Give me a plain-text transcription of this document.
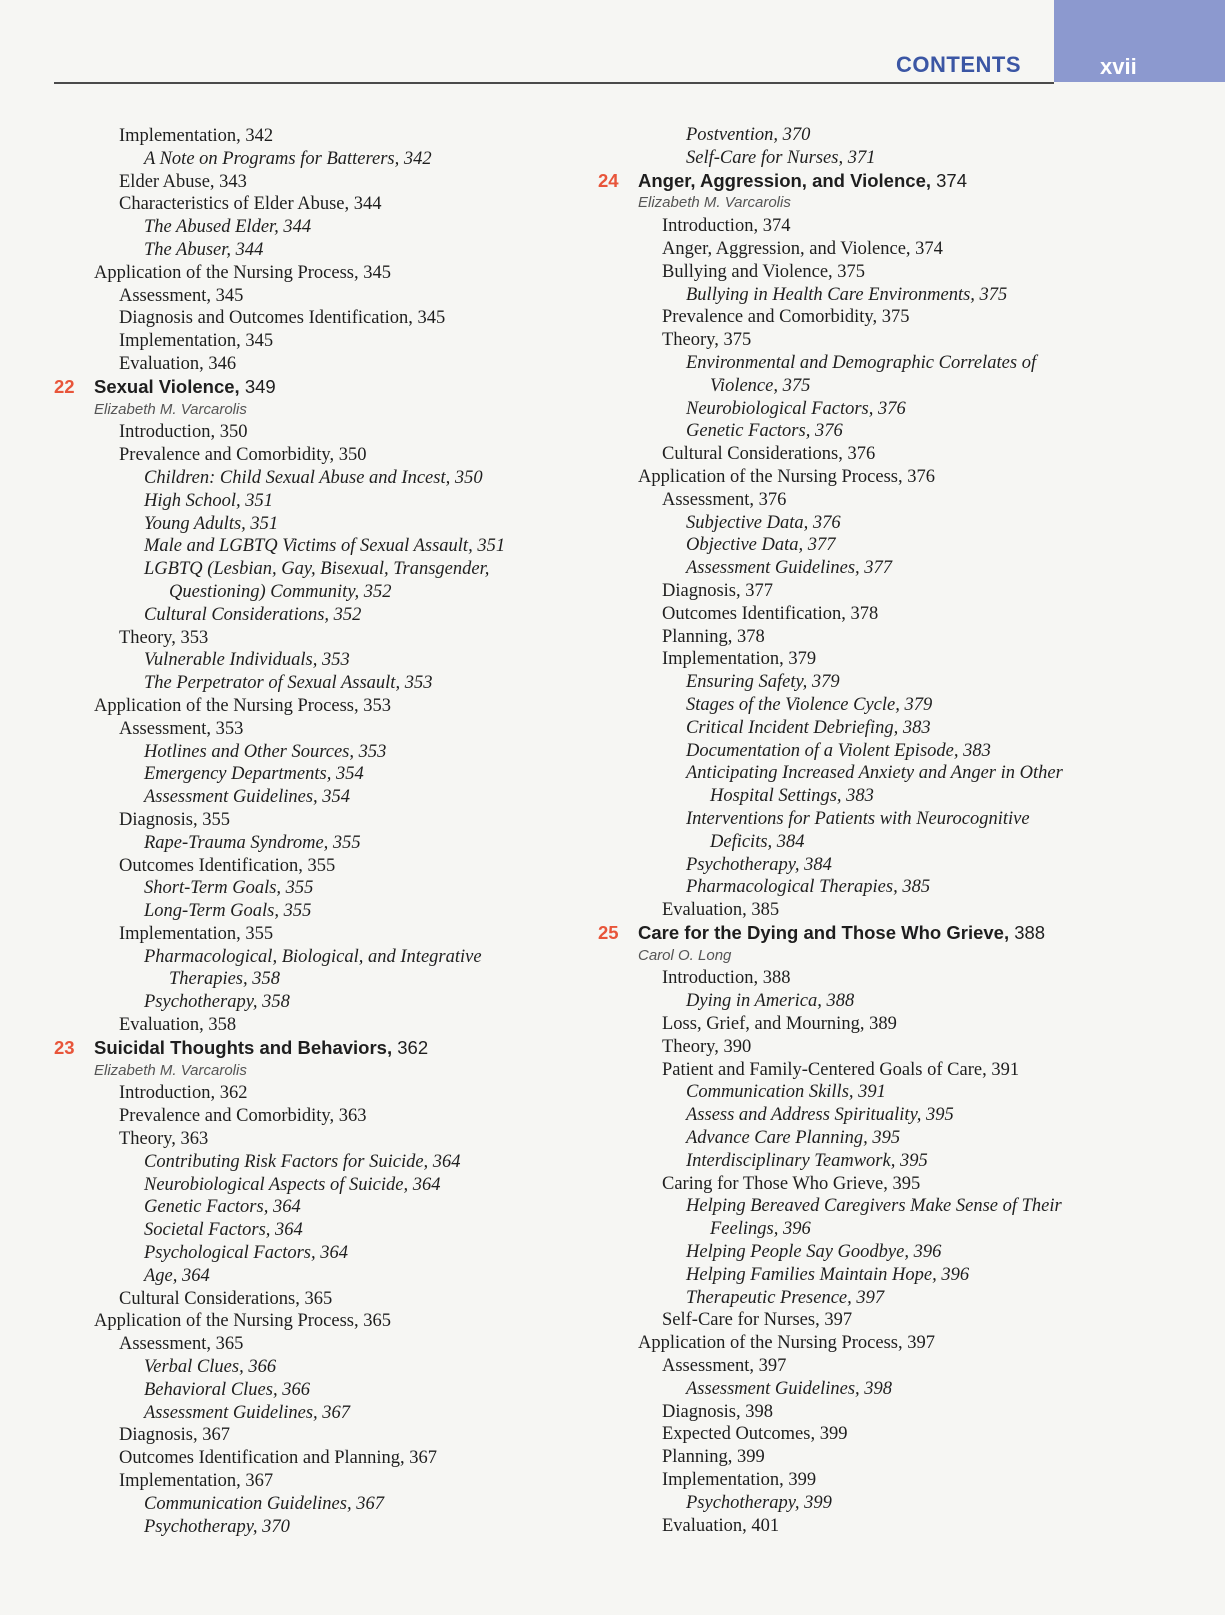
CONTENTS	xvii
Implementation, 342
A Note on Programs for Batterers, 342
Elder Abuse, 343
Characteristics of Elder Abuse, 344
The Abused Elder, 344
The Abuser, 344
Application of the Nursing Process, 345
Assessment, 345
Diagnosis and Outcomes Identification, 345
Implementation, 345
Evaluation, 346
22 Sexual Violence, 349
Elizabeth M. Varcarolis
Introduction, 350
Prevalence and Comorbidity, 350
Children: Child Sexual Abuse and Incest, 350
High School, 351
Young Adults, 351
Male and LGBTQ Victims of Sexual Assault, 351
LGBTQ (Lesbian, Gay, Bisexual, Transgender,
Questioning) Community, 352
Cultural Considerations, 352
Theory, 353
Vulnerable Individuals, 353
The Perpetrator of Sexual Assault, 353
Application of the Nursing Process, 353
Assessment, 353
Hotlines and Other Sources, 353
Emergency Departments, 354
Assessment Guidelines, 354
Diagnosis, 355
Rape-Trauma Syndrome, 355
Outcomes Identification, 355
Short-Term Goals, 355
Long-Term Goals, 355
Implementation, 355
Pharmacological, Biological, and Integrative
Therapies, 358
Psychotherapy, 358
Evaluation, 358
23 Suicidal Thoughts and Behaviors, 362
Elizabeth M. Varcarolis
Introduction, 362
Prevalence and Comorbidity, 363
Theory, 363
Contributing Risk Factors for Suicide, 364
Neurobiological Aspects of Suicide, 364
Genetic Factors, 364
Societal Factors, 364
Psychological Factors, 364
Age, 364
Cultural Considerations, 365
Application of the Nursing Process, 365
Assessment, 365
Verbal Clues, 366
Behavioral Clues, 366
Assessment Guidelines, 367
Diagnosis, 367
Outcomes Identification and Planning, 367
Implementation, 367
Communication Guidelines, 367
Psychotherapy, 370
Postvention, 370
Self-Care for Nurses, 371
24 Anger, Aggression, and Violence, 374
Elizabeth M. Varcarolis
Introduction, 374
Anger, Aggression, and Violence, 374
Bullying and Violence, 375
Bullying in Health Care Environments, 375
Prevalence and Comorbidity, 375
Theory, 375
Environmental and Demographic Correlates of
Violence, 375
Neurobiological Factors, 376
Genetic Factors, 376
Cultural Considerations, 376
Application of the Nursing Process, 376
Assessment, 376
Subjective Data, 376
Objective Data, 377
Assessment Guidelines, 377
Diagnosis, 377
Outcomes Identification, 378
Planning, 378
Implementation, 379
Ensuring Safety, 379
Stages of the Violence Cycle, 379
Critical Incident Debriefing, 383
Documentation of a Violent Episode, 383
Anticipating Increased Anxiety and Anger in Other
Hospital Settings, 383
Interventions for Patients with Neurocognitive
Deficits, 384
Psychotherapy, 384
Pharmacological Therapies, 385
Evaluation, 385
25 Care for the Dying and Those Who Grieve, 388
Carol O. Long
Introduction, 388
Dying in America, 388
Loss, Grief, and Mourning, 389
Theory, 390
Patient and Family-Centered Goals of Care, 391
Communication Skills, 391
Assess and Address Spirituality, 395
Advance Care Planning, 395
Interdisciplinary Teamwork, 395
Caring for Those Who Grieve, 395
Helping Bereaved Caregivers Make Sense of Their
Feelings, 396
Helping People Say Goodbye, 396
Helping Families Maintain Hope, 396
Therapeutic Presence, 397
Self-Care for Nurses, 397
Application of the Nursing Process, 397
Assessment, 397
Assessment Guidelines, 398
Diagnosis, 398
Expected Outcomes, 399
Planning, 399
Implementation, 399
Psychotherapy, 399
Evaluation, 401
